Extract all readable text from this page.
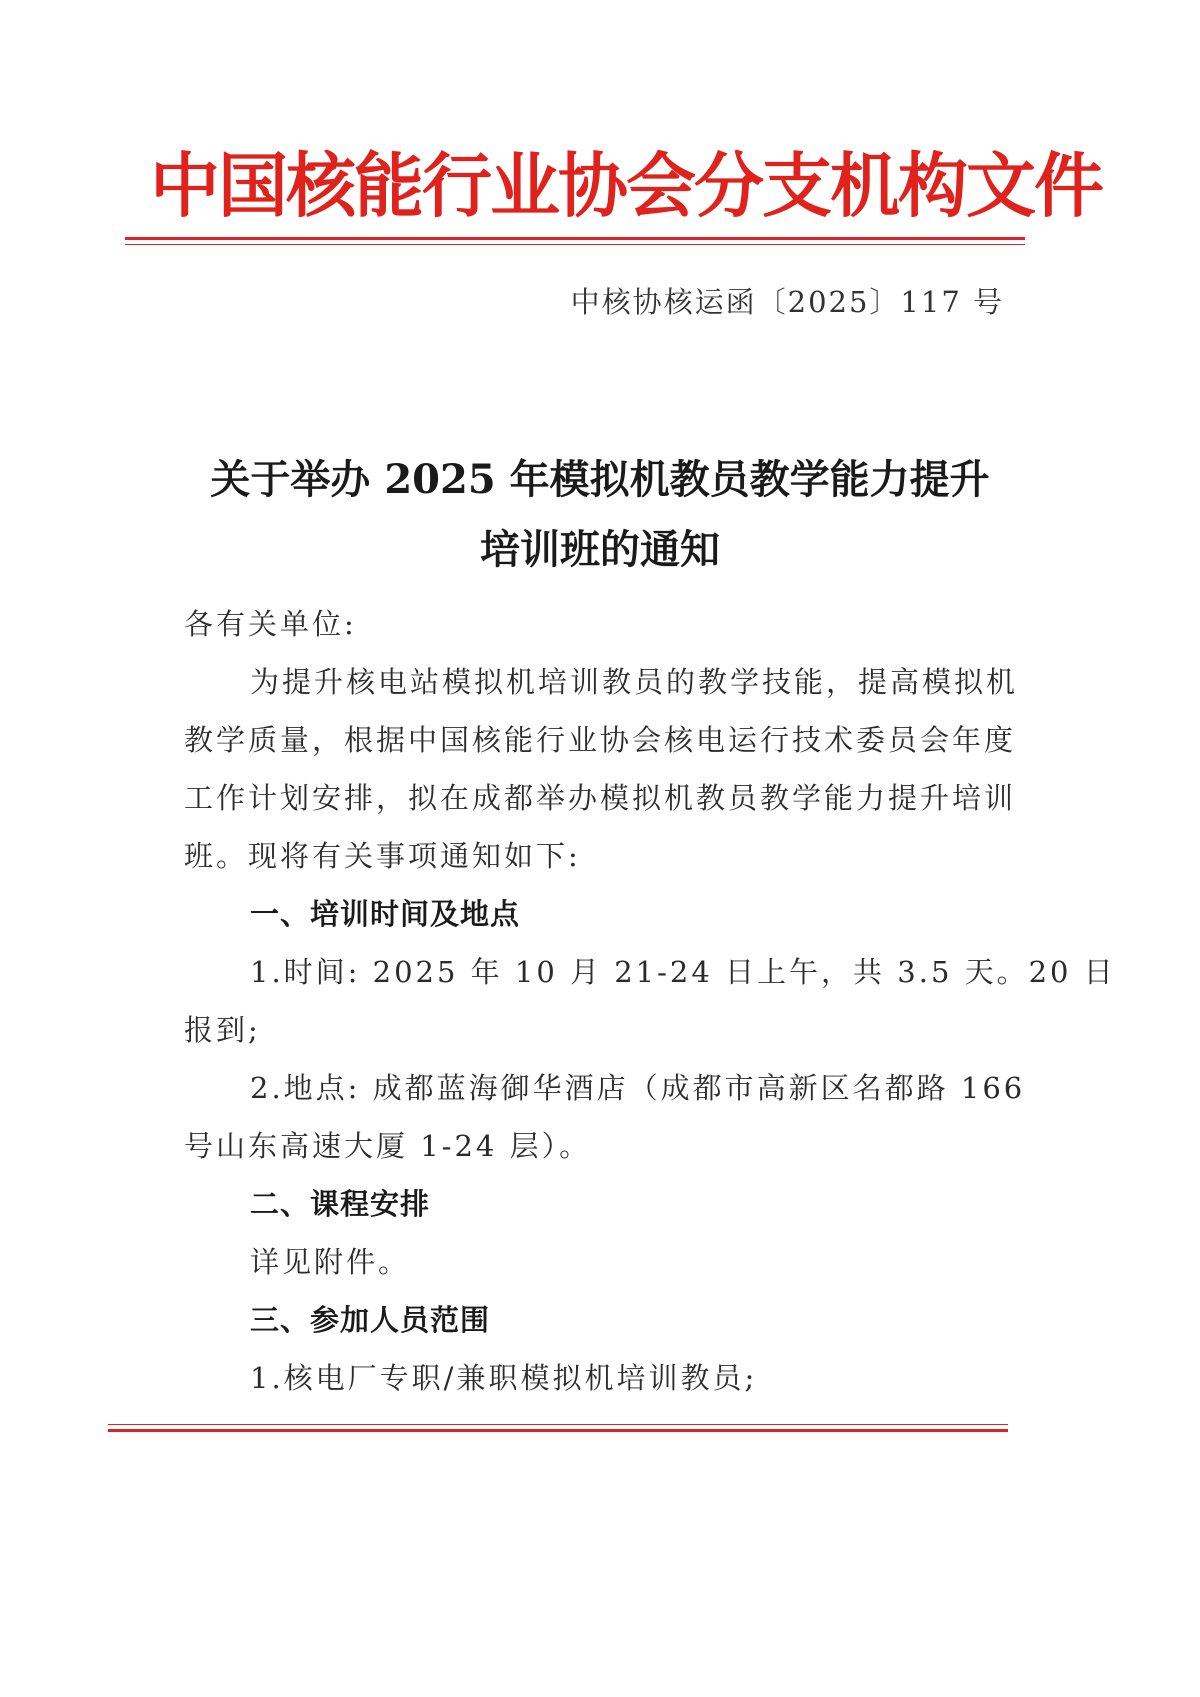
中国核能行业协会分支机构文件
中核协核运函〔2025〕117 号
关于举办 2025 年模拟机教员教学能力提升
培训班的通知
各有关单位:
为提升核电站模拟机培训教员的教学技能，提高模拟机
教学质量，根据中国核能行业协会核电运行技术委员会年度
工作计划安排，拟在成都举办模拟机教员教学能力提升培训
班。现将有关事项通知如下:
一、培训时间及地点
1.时间: 2025 年 10 月 21-24 日上午，共 3.5 天。20 日
报到;
2.地点: 成都蓝海御华酒店（成都市高新区名都路 166
号山东高速大厦 1-24 层）。
二、课程安排
详见附件。
三、参加人员范围
1.核电厂专职/兼职模拟机培训教员;
